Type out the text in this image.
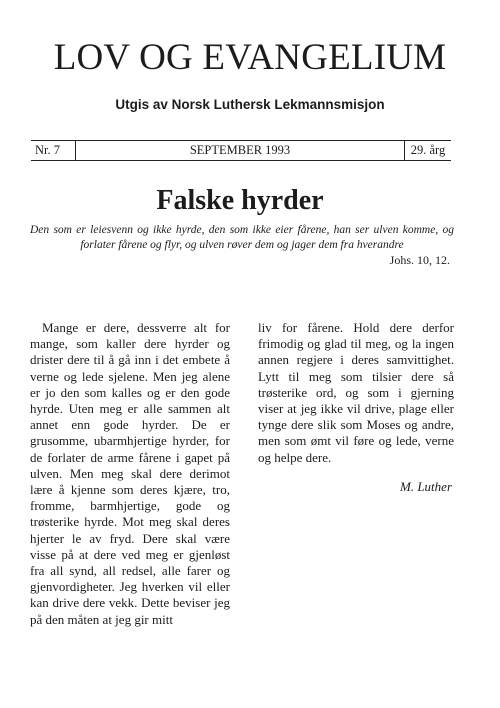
LOV OG EVANGELIUM
Utgis av Norsk Luthersk Lekmannsmisjon
Nr. 7	SEPTEMBER 1993	29. årg
Falske hyrder
Den som er leiesvenn og ikke hyrde, den som ikke eier fårene, han ser ulven komme, og forlater fårene og flyr, og ulven røver dem og jager dem fra hverandre
Johs. 10, 12.

Mange er dere, dessverre alt for mange, som kaller dere hyrder og drister dere til å gå inn i det embete å verne og lede sjelene. Men jeg alene er jo den som kalles og er den gode hyrde. Uten meg er alle sammen alt annet enn gode hyrder. De er grusomme, ubarmhjertige hyrder, for de forlater de arme fårene i gapet på ulven. Men meg skal dere derimot lære å kjenne som deres kjære, tro, fromme, barmhjertige, gode og trøsterike hyrde. Mot meg skal deres hjerter le av fryd. Dere skal være visse på at dere ved meg er gjenløst fra all synd, all redsel, alle farer og gjenvordigheter. Jeg hverken vil eller kan drive dere vekk. Dette beviser jeg på den måten at jeg gir mitt

liv for fårene. Hold dere derfor frimodig og glad til meg, og la ingen annen regjere i deres samvittighet. Lytt til meg som tilsier dere så trøsterike ord, og som i gjerning viser at jeg ikke vil drive, plage eller tynge dere slik som Moses og andre, men som ømt vil føre og lede, verne og helpe dere.

M. Luther
